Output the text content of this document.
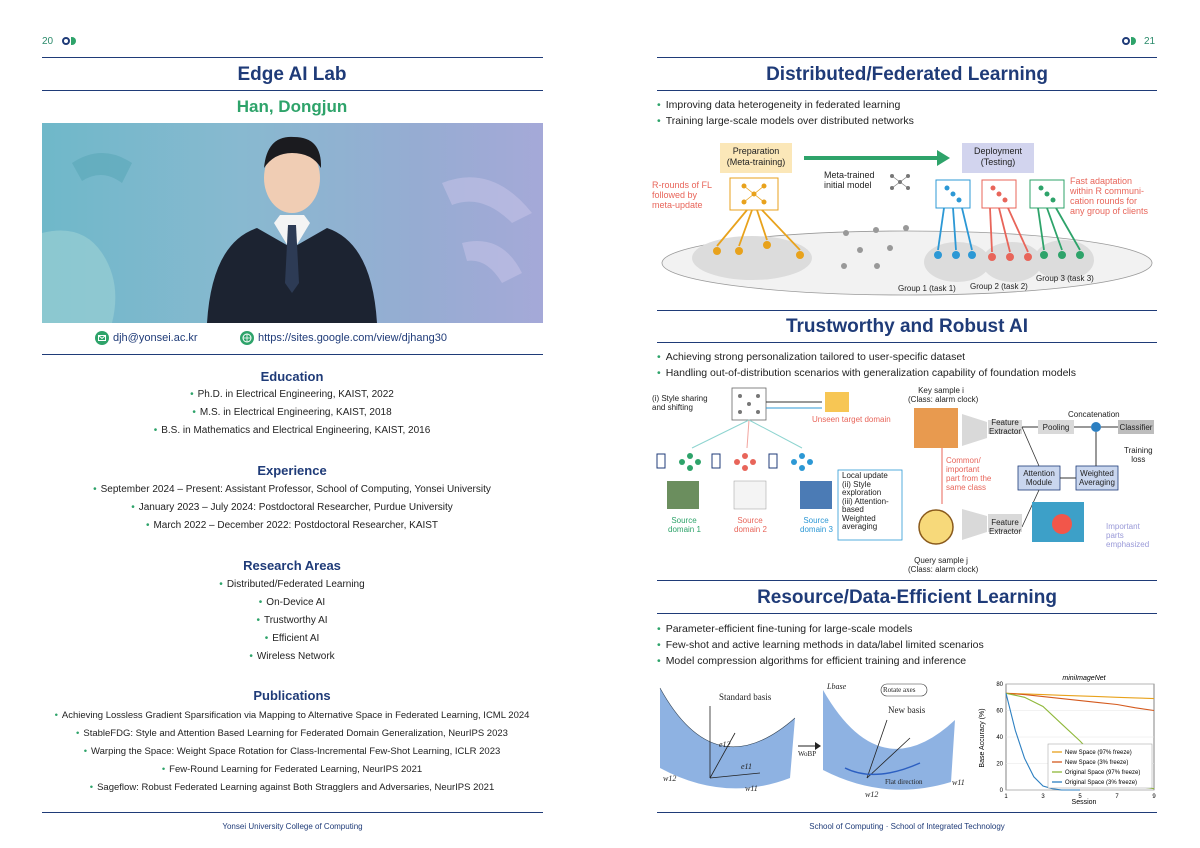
20
Edge AI Lab
Han, Dongjun
djh@yonsei.ac.kr	https://sites.google.com/view/djhang30
Education
• Ph.D. in Electrical Engineering, KAIST, 2022
• M.S. in Electrical Engineering, KAIST, 2018
• B.S. in Mathematics and Electrical Engineering, KAIST, 2016
Experience
• September 2024 – Present: Assistant Professor, School of Computing, Yonsei University
• January 2023 – July 2024: Postdoctoral Researcher, Purdue University
• March 2022 – December 2022: Postdoctoral Researcher, KAIST
Research Areas
• Distributed/Federated Learning
• On-Device AI
• Trustworthy AI
• Efficient AI
• Wireless Network
Publications
• Achieving Lossless Gradient Sparsification via Mapping to Alternative Space in Federated Learning, ICML 2024
• StableFDG: Style and Attention Based Learning for Federated Domain Generalization, NeurIPS 2023
• Warping the Space: Weight Space Rotation for Class-Incremental Few-Shot Learning, ICLR 2023
• Few-Round Learning for Federated Learning, NeurIPS 2021
• Sageflow: Robust Federated Learning against Both Stragglers and Adversaries, NeurIPS 2021
Yonsei University College of Computing
21
Distributed/Federated Learning
• Improving data heterogeneity in federated learning
• Training large-scale models over distributed networks
Preparation
(Meta-training)
Deployment
(Testing)
R-rounds of FL
followed by
meta-update
Meta-trained
initial model	Fast adaptation
within R communi-
cation rounds for
any group of clients
Group 1 (task 1) Group 2 (task 2)
Group 3 (task 3)
Trustworthy and Robust AI
• Achieving strong personalization tailored to user-specific dataset
• Handling out-of-distribution scenarios with generalization capability of foundation models
(i) Style sharing
and shifting
Unseen target domain
Local update
(ii) Style
exploration
(iii) Attention-
based
Weighted
averaging
Source
domain 1
Source
domain 2
Source
domain 3
Key sample i
(Class: alarm clock)
Query sample j
(Class: alarm clock)
Feature
Extractor
Feature
Extractor
Pooling
Concatenation
Classifier
Training
loss
Attention
Module
Weighted
Averaging
Common/
important
part from the
same class
Important
parts
emphasized
Resource/Data-Efficient Learning
• Parameter-efficient fine-tuning for large-scale models
• Few-shot and active learning methods in data/label limited scenarios
• Model compression algorithms for efficient training and inference
Standard basis
Rotate axes
New basis
WoBP
Flat direction
w12
w11
e12
e11
Lbase
w12
w11
miniImageNet
Session
Base Accuracy (%)
0
20
40
60
80
1	3	5	7	9
New Space (97% freeze)
New Space (3% freeze)
Original Space (97% freeze)
Original Space (3% freeze)
School of Computing · School of Integrated Technology
